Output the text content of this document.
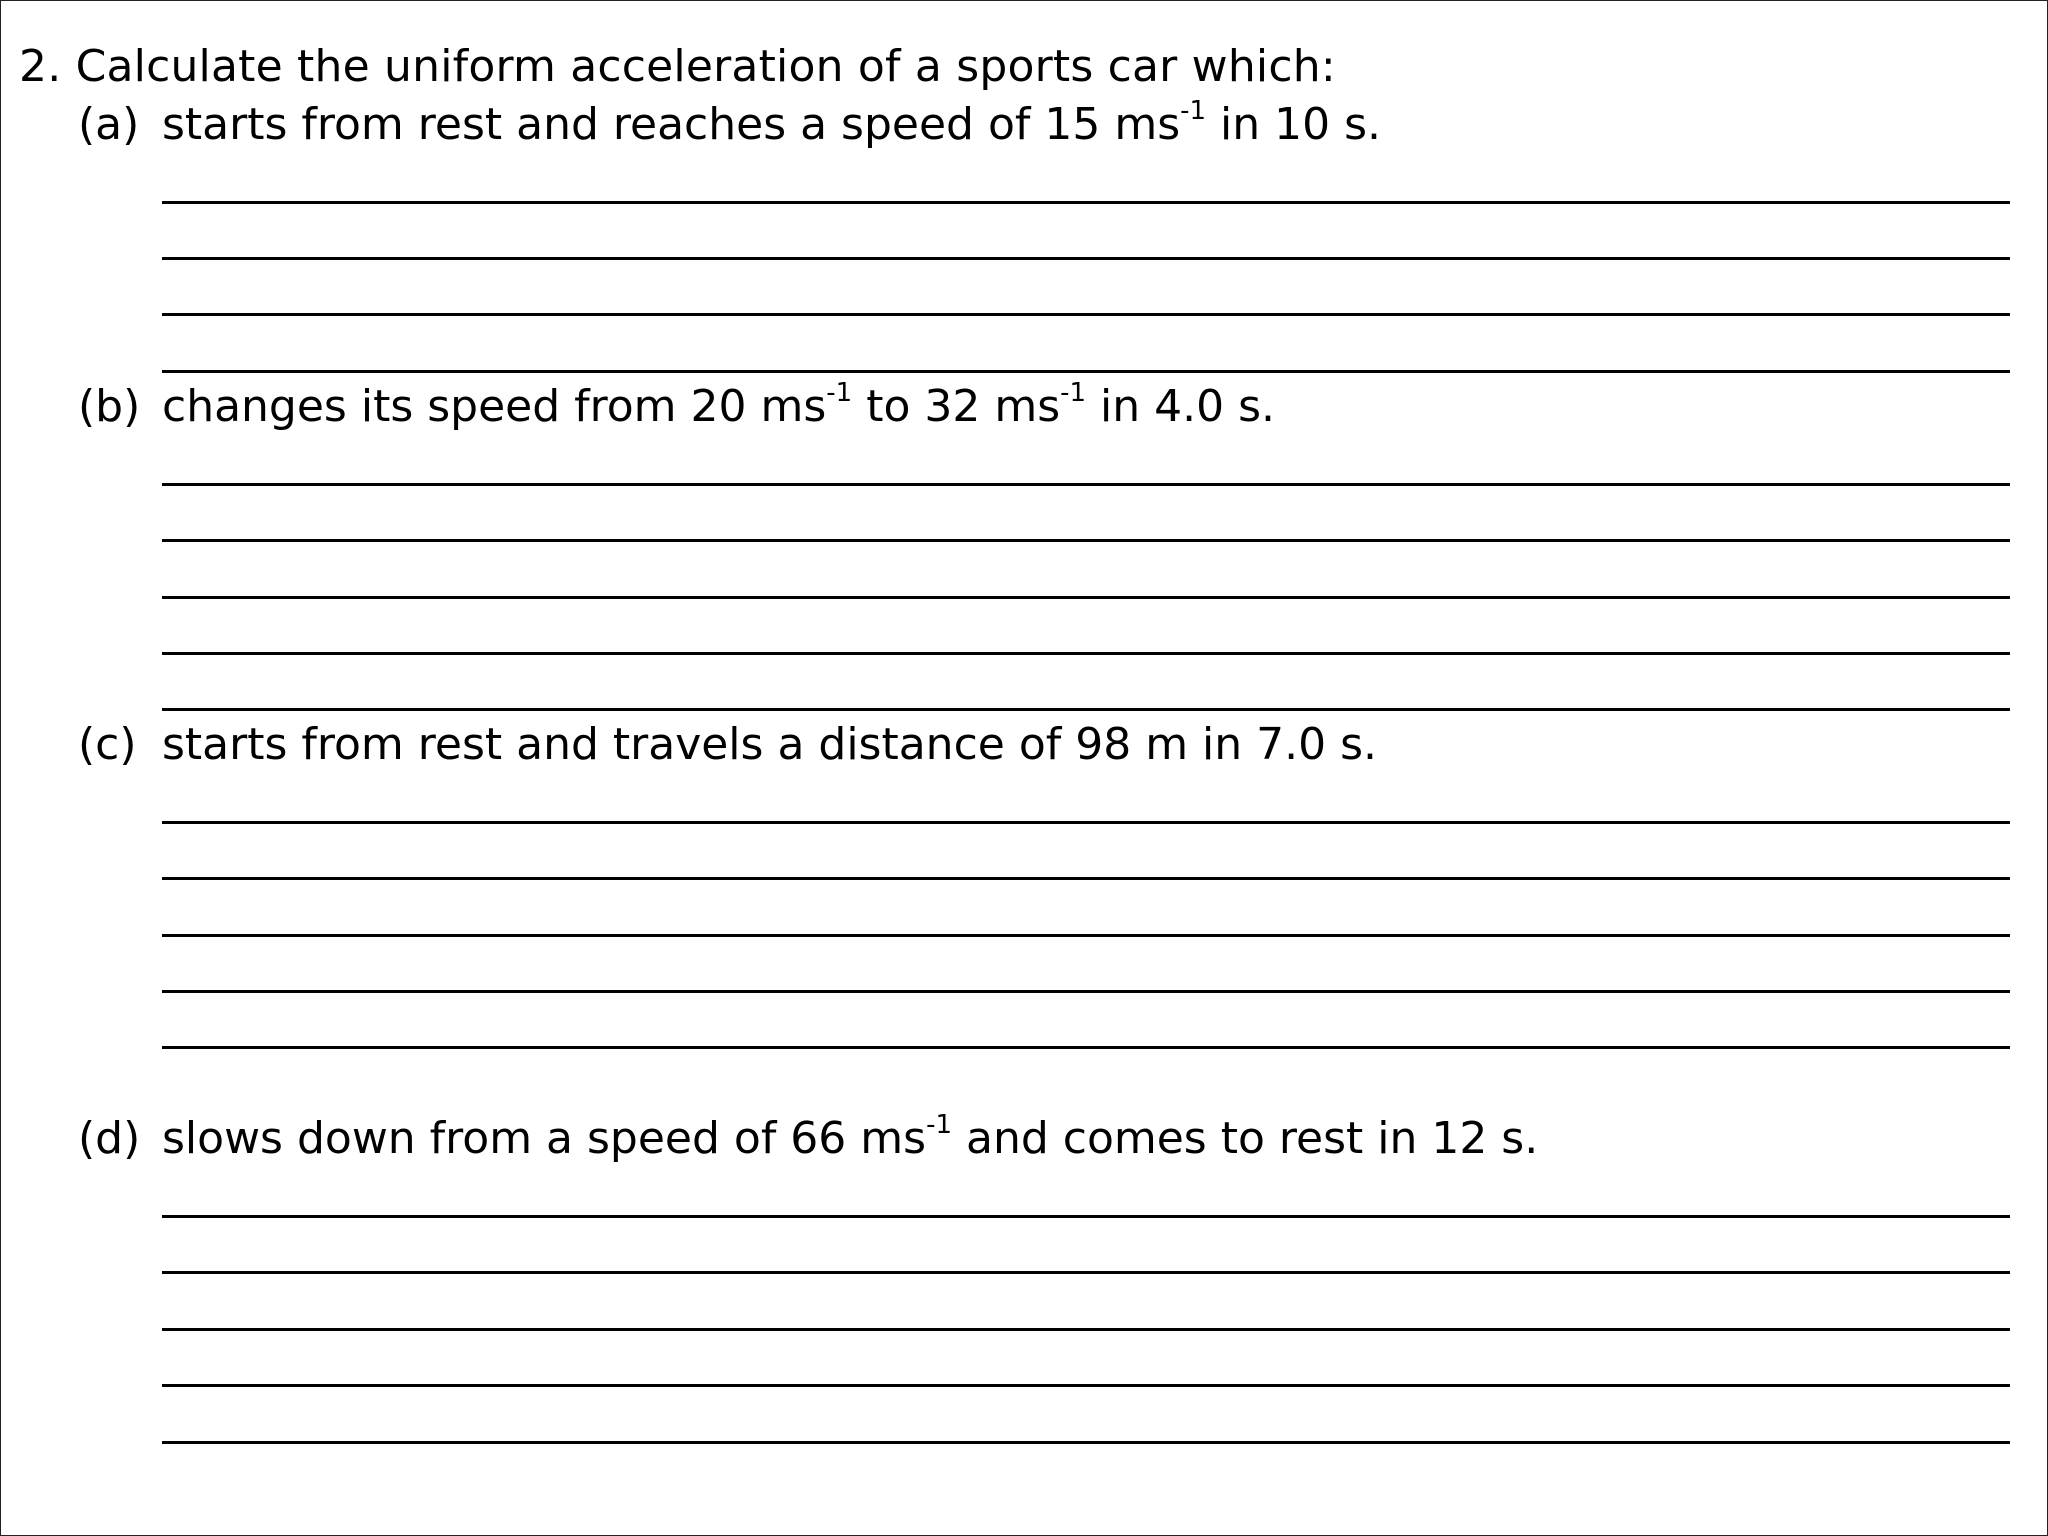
2. Calculate the uniform acceleration of a sports car which:
(a) starts from rest and reaches a speed of 15 $ms^{-1}$ in 10 s.
(b) changes its speed from 20 $ms^{-1}$ to 32 $ms^{-1}$ in 4.0 s.
(c) starts from rest and travels a distance of 98 m in 7.0 s.
(d) slows down from a speed of 66 $ms^{-1}$ and comes to rest in 12 s.
